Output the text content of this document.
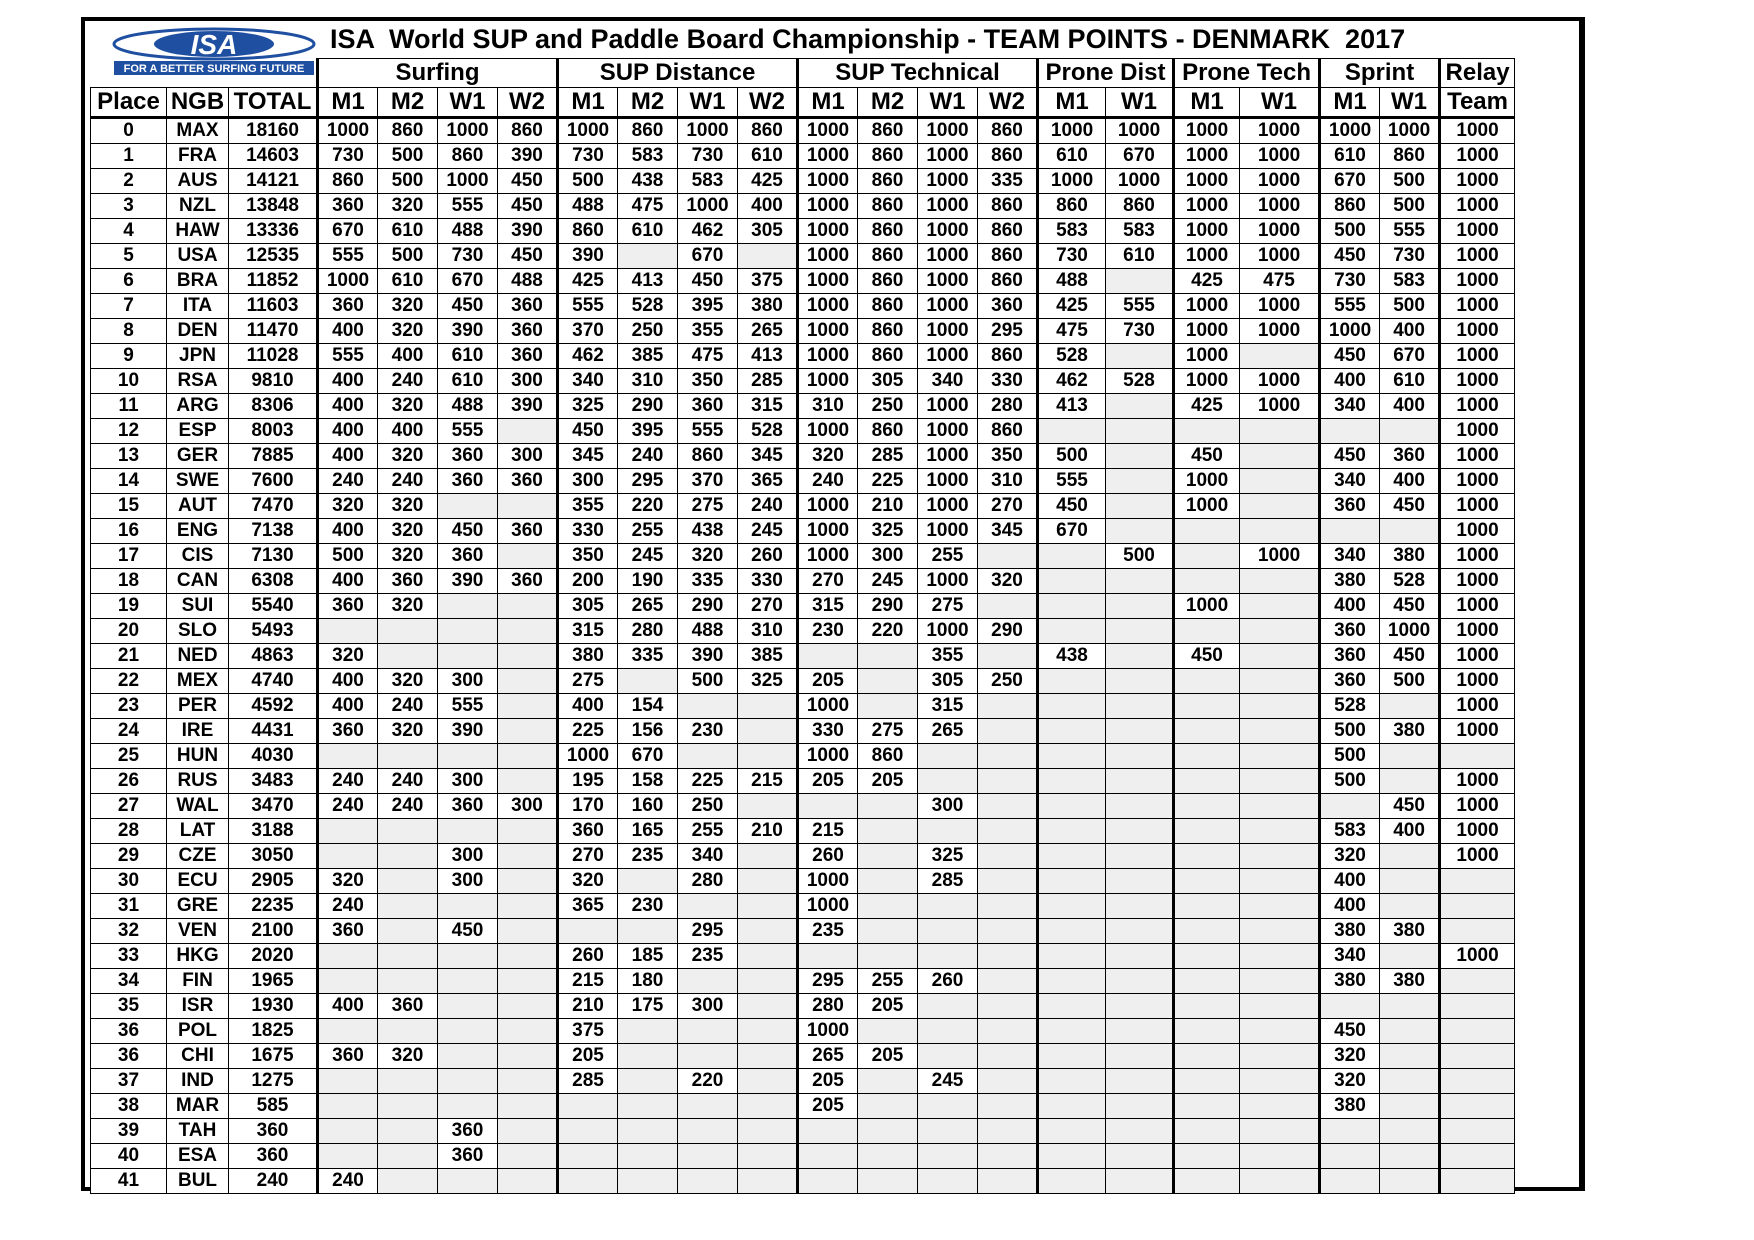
ISA
FOR A BETTER SURFING FUTURE
ISA  World SUP and Paddle Board Championship - TEAM POINTS - DENMARK  2017
			Surfing				SUP Distance				SUP Technical				Prone Dist		Prone Tech		Sprint		Relay
Place	NGB	TOTAL	M1	M2	W1	W2	M1	M2	W1	W2	M1	M2	W1	W2	M1	W1	M1	W1	M1	W1	Team
0	MAX	18160	1000	860	1000	860	1000	860	1000	860	1000	860	1000	860	1000	1000	1000	1000	1000	1000	1000
1	FRA	14603	730	500	860	390	730	583	730	610	1000	860	1000	860	610	670	1000	1000	610	860	1000
2	AUS	14121	860	500	1000	450	500	438	583	425	1000	860	1000	335	1000	1000	1000	1000	670	500	1000
3	NZL	13848	360	320	555	450	488	475	1000	400	1000	860	1000	860	860	860	1000	1000	860	500	1000
4	HAW	13336	670	610	488	390	860	610	462	305	1000	860	1000	860	583	583	1000	1000	500	555	1000
5	USA	12535	555	500	730	450	390		670		1000	860	1000	860	730	610	1000	1000	450	730	1000
6	BRA	11852	1000	610	670	488	425	413	450	375	1000	860	1000	860	488		425	475	730	583	1000
7	ITA	11603	360	320	450	360	555	528	395	380	1000	860	1000	360	425	555	1000	1000	555	500	1000
8	DEN	11470	400	320	390	360	370	250	355	265	1000	860	1000	295	475	730	1000	1000	1000	400	1000
9	JPN	11028	555	400	610	360	462	385	475	413	1000	860	1000	860	528		1000		450	670	1000
10	RSA	9810	400	240	610	300	340	310	350	285	1000	305	340	330	462	528	1000	1000	400	610	1000
11	ARG	8306	400	320	488	390	325	290	360	315	310	250	1000	280	413		425	1000	340	400	1000
12	ESP	8003	400	400	555		450	395	555	528	1000	860	1000	860							1000
13	GER	7885	400	320	360	300	345	240	860	345	320	285	1000	350	500		450		450	360	1000
14	SWE	7600	240	240	360	360	300	295	370	365	240	225	1000	310	555		1000		340	400	1000
15	AUT	7470	320	320			355	220	275	240	1000	210	1000	270	450		1000		360	450	1000
16	ENG	7138	400	320	450	360	330	255	438	245	1000	325	1000	345	670						1000
17	CIS	7130	500	320	360		350	245	320	260	1000	300	255			500		1000	340	380	1000
18	CAN	6308	400	360	390	360	200	190	335	330	270	245	1000	320					380	528	1000
19	SUI	5540	360	320			305	265	290	270	315	290	275				1000		400	450	1000
20	SLO	5493					315	280	488	310	230	220	1000	290					360	1000	1000
21	NED	4863	320				380	335	390	385			355		438		450		360	450	1000
22	MEX	4740	400	320	300		275		500	325	205		305	250					360	500	1000
23	PER	4592	400	240	555		400	154			1000		315						528		1000
24	IRE	4431	360	320	390		225	156	230		330	275	265						500	380	1000
25	HUN	4030					1000	670			1000	860							500		
26	RUS	3483	240	240	300		195	158	225	215	205	205							500		1000
27	WAL	3470	240	240	360	300	170	160	250				300							450	1000
28	LAT	3188					360	165	255	210	215								583	400	1000
29	CZE	3050			300		270	235	340		260		325						320		1000
30	ECU	2905	320		300		320		280		1000		285						400		
31	GRE	2235	240				365	230			1000								400		
32	VEN	2100	360		450				295		235								380	380	
33	HKG	2020					260	185	235										340		1000
34	FIN	1965					215	180			295	255	260						380	380	
35	ISR	1930	400	360			210	175	300		280	205									
36	POL	1825					375				1000								450		
36	CHI	1675	360	320			205				265	205							320		
37	IND	1275					285		220		205		245						320		
38	MAR	585									205								380		
39	TAH	360			360																
40	ESA	360			360																
41	BUL	240	240																		
